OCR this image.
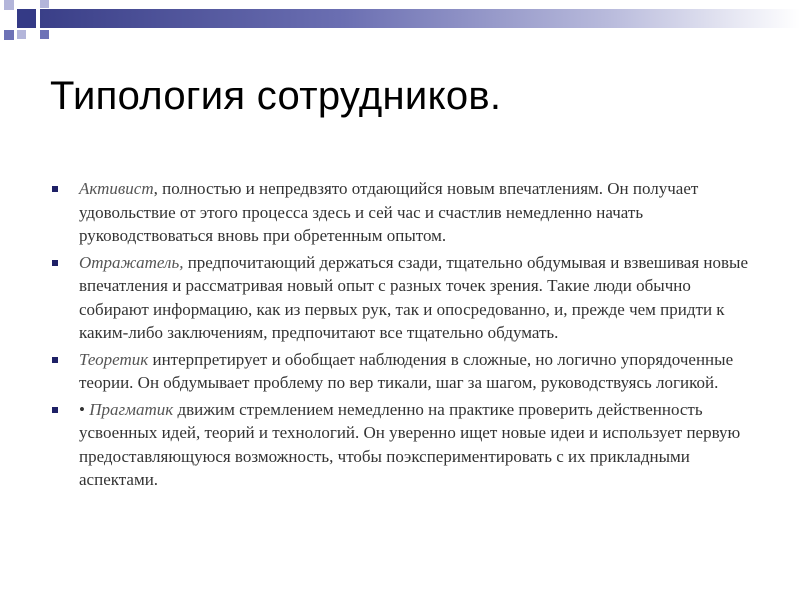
Типология сотрудников.
Активист, полностью и непредвзято отдающийся новым впечатлениям. Он получает удовольствие от этого процесса здесь и сей час и счастлив немедленно начать руководствоваться вновь при обретенным опытом.
Отражатель, предпочитающий держаться сзади, тщательно обдумывая и взвешивая новые впечатления и рассматривая новый опыт с разных точек зрения. Такие люди обычно собирают информацию, как из первых рук, так и опосредованно, и, прежде чем придти к каким-либо заключениям, предпочитают все тщательно обдумать.
Теоретик интерпретирует и обобщает наблюдения в сложные, но логично упорядоченные теории. Он обдумывает проблему по вер тикали, шаг за шагом, руководствуясь логикой.
• Прагматик движим стремлением немедленно на практике проверить действенность усвоенных идей, теорий и технологий. Он уверенно ищет новые идеи и использует первую предоставляющуюся возможность, чтобы поэкспериментировать с их прикладными аспектами.
